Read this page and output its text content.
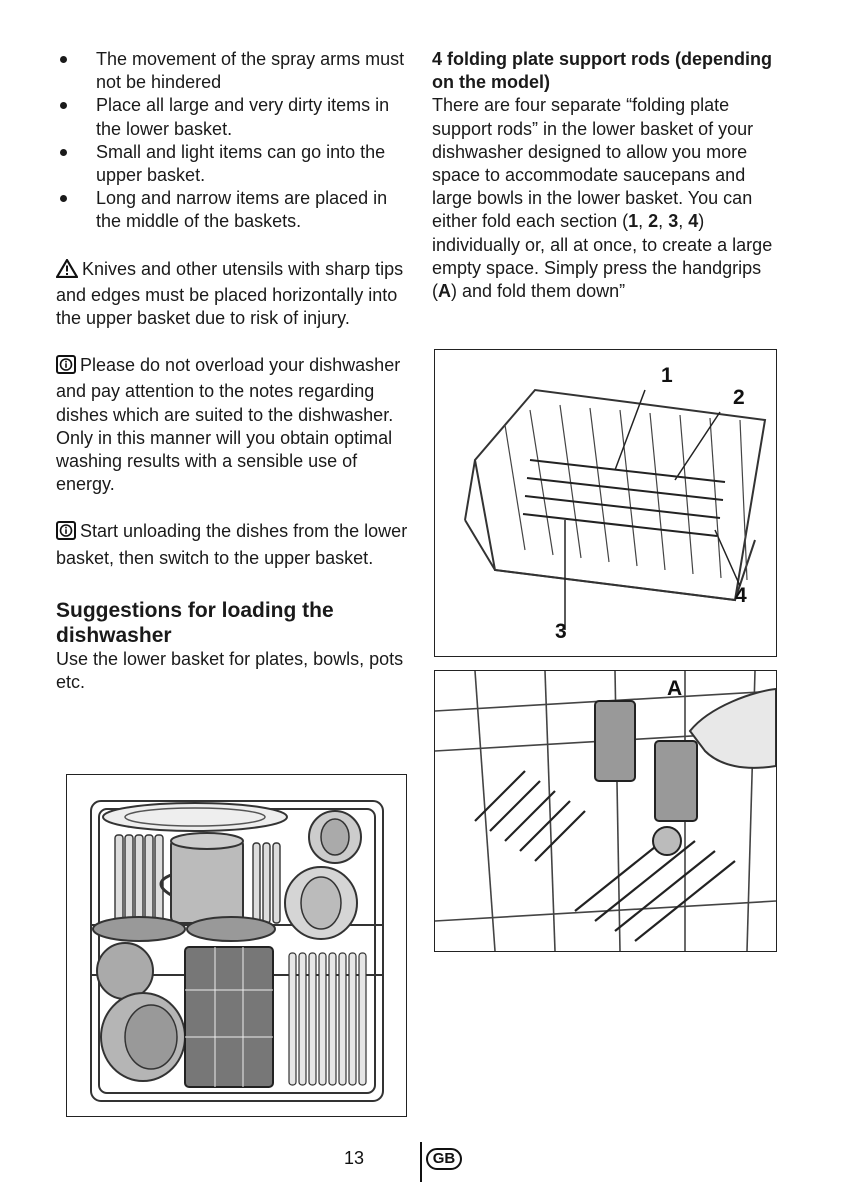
The movement of the spray arms must not be hindered
Place all large and very dirty items in the lower basket.
Small and light items can go into the upper basket.
Long and narrow items are placed in the middle of the baskets.

Knives and other utensils with sharp tips and edges must be placed horizontally into the upper basket due to risk of injury.

Please do not overload your dishwasher and pay attention to the notes regarding dishes which are suited to the dishwasher. Only in this manner will you obtain optimal washing results with a sensible use of energy.

Start unloading the dishes from the lower basket, then switch to the upper basket.

Suggestions for loading the dishwasher

Use the lower basket for plates, bowls, pots etc.

4 folding plate support rods (depending on the model)

There are four separate “folding plate support rods” in the lower basket of your dishwasher designed to allow you more space to accommodate saucepans and large bowls in the lower basket. You can either fold each section (1, 2, 3, 4) individually or, all at once, to create a large empty space. Simply press the handgrips (A) and fold them down”

1
2
3
4
A
13	GB
